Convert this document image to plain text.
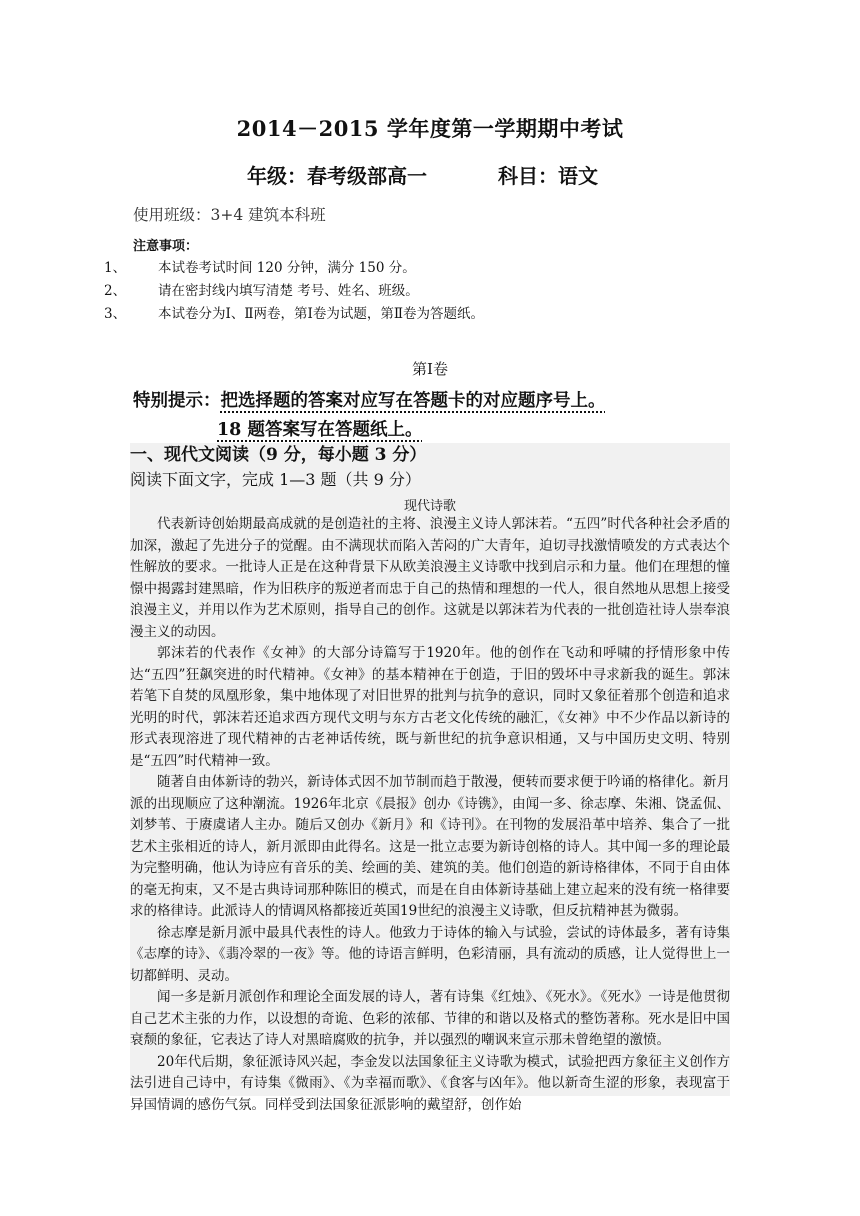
2014－2015 学年度第一学期期中考试
年级：春考级部高一	科目：语文
使用班级：3+4 建筑本科班
注意事项：
1、 本试卷考试时间 120 分钟，满分 150 分。
2、 请在密封线内填写清楚 考号、姓名、班级。
3、 本试卷分为Ⅰ、Ⅱ两卷，第Ⅰ卷为试题，第Ⅱ卷为答题纸。
第Ⅰ卷
特别提示：把选择题的答案对应写在答题卡的对应题序号上。
18 题答案写在答题纸上。
一、现代文阅读（9 分，每小题 3 分）
阅读下面文字，完成 1—3 题（共 9 分）
现代诗歌

代表新诗创始期最高成就的是创造社的主将、浪漫主义诗人郭沫若。“五四”时代各种社会矛盾的加深，激起了先进分子的觉醒。由不满现状而陷入苦闷的广大青年，迫切寻找激情喷发的方式表达个性解放的要求。一批诗人正是在这种背景下从欧美浪漫主义诗歌中找到启示和力量。他们在理想的憧憬中揭露封建黑暗，作为旧秩序的叛逆者而忠于自己的热情和理想的一代人，很自然地从思想上接受浪漫主义，并用以作为艺术原则，指导自己的创作。这就是以郭沫若为代表的一批创造社诗人崇奉浪漫主义的动因。

郭沫若的代表作《女神》的大部分诗篇写于1920年。他的创作在飞动和呼啸的抒情形象中传达“五四”狂飙突进的时代精神。《女神》的基本精神在于创造，于旧的毁坏中寻求新我的诞生。郭沫若笔下自焚的凤凰形象，集中地体现了对旧世界的批判与抗争的意识，同时又象征着那个创造和追求光明的时代，郭沫若还追求西方现代文明与东方古老文化传统的融汇，《女神》中不少作品以新诗的形式表现溶进了现代精神的古老神话传统，既与新世纪的抗争意识相通，又与中国历史文明、特别是“五四”时代精神一致。

随著自由体新诗的勃兴，新诗体式因不加节制而趋于散漫，便转而要求便于吟诵的格律化。新月派的出现顺应了这种潮流。1926年北京《晨报》创办《诗镌》，由闻一多、徐志摩、朱湘、饶孟侃、刘梦苇、于赓虞诸人主办。随后又创办《新月》和《诗刊》。在刊物的发展沿革中培养、集合了一批艺术主张相近的诗人，新月派即由此得名。这是一批立志要为新诗创格的诗人。其中闻一多的理论最为完整明确，他认为诗应有音乐的美、绘画的美、建筑的美。他们创造的新诗格律体，不同于自由体的毫无拘束，又不是古典诗词那种陈旧的模式，而是在自由体新诗基础上建立起来的没有统一格律要求的格律诗。此派诗人的情调风格都接近英国19世纪的浪漫主义诗歌，但反抗精神甚为微弱。

徐志摩是新月派中最具代表性的诗人。他致力于诗体的输入与试验，尝试的诗体最多，著有诗集《志摩的诗》、《翡冷翠的一夜》等。他的诗语言鲜明，色彩清丽，具有流动的质感，让人觉得世上一切都鲜明、灵动。

闻一多是新月派创作和理论全面发展的诗人，著有诗集《红烛》、《死水》。《死水》一诗是他贯彻自己艺术主张的力作，以设想的奇诡、色彩的浓郁、节律的和谐以及格式的整饬著称。死水是旧中国衰颓的象征，它表达了诗人对黑暗腐败的抗争，并以强烈的嘲讽来宣示那未曾绝望的激愤。

20年代后期，象征派诗风兴起，李金发以法国象征主义诗歌为模式，试验把西方象征主义创作方法引进自己诗中，有诗集《微雨》、《为幸福而歌》、《食客与凶年》。他以新奇生涩的形象，表现富于异国情调的感伤气氛。同样受到法国象征派影响的戴望舒，创作始
